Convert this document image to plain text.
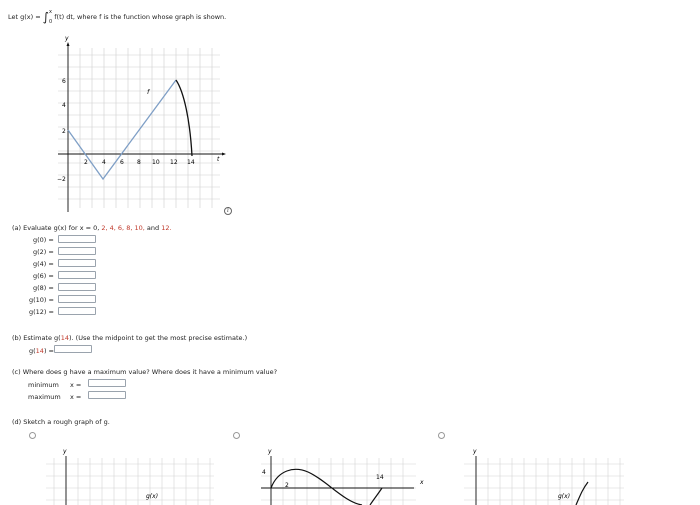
Let g(x) = ∫$^x_0$ f(t) dt, where f is the function whose graph is shown.
y
t
f
2 4 6 8 10 12 14
6
4
2
−2
i
(a) Evaluate g(x) for x = 0, 2, 4, 6, 8, 10, and 12.
g(0) =
g(2) =
g(4) =
g(6) =
g(8) =
g(10) =
g(12) =
(b) Estimate g(14). (Use the midpoint to get the most precise estimate.)
g(14) =
(c) Where does g have a maximum value? Where does it have a minimum value?
minimum x =
maximum x =
(d) Sketch a rough graph of g.
y
g(x)
y
x
4
2
14
y
g(x)
